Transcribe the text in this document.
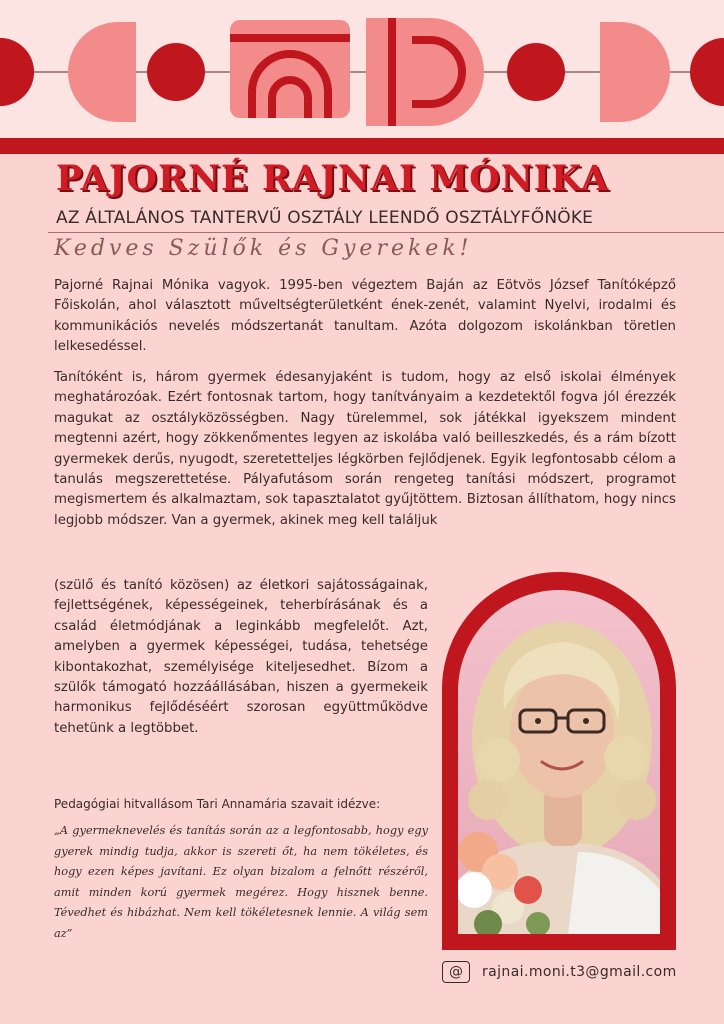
PAJORNÉ RAJNAI MÓNIKA
AZ ÁLTALÁNOS TANTERVŰ OSZTÁLY LEENDŐ OSZTÁLYFŐNÖKE
Kedves Szülők és Gyerekek!
Pajorné Rajnai Mónika vagyok. 1995-ben végeztem Baján az Eötvös József Tanítóképző Főiskolán, ahol választott műveltségterületként ének-zenét, valamint Nyelvi, irodalmi és kommunikációs nevelés módszertanát tanultam. Azóta dolgozom iskolánkban töretlen lelkesedéssel.
Tanítóként is, három gyermek édesanyjaként is tudom, hogy az első iskolai élmények meghatározóak. Ezért fontosnak tartom, hogy tanítványaim a kezdetektől fogva jól érezzék magukat az osztályközösségben. Nagy türelemmel, sok játékkal igyekszem mindent megtenni azért, hogy zökkenőmentes legyen az iskolába való beilleszkedés, és a rám bízott gyermekek derűs, nyugodt, szeretetteljes légkörben fejlődjenek. Egyik legfontosabb célom a tanulás megszerettetése. Pályafutásom során rengeteg tanítási módszert, programot megismertem és alkalmaztam, sok tapasztalatot gyűjtöttem. Biztosan állíthatom, hogy nincs legjobb módszer. Van a gyermek, akinek meg kell találjuk
(szülő és tanító közösen) az életkori sajátosságainak, fejlettségének, képességeinek, teherbírásának és a család életmódjának a leginkább megfelelőt. Azt, amelyben a gyermek képességei, tudása, tehetsége kibontakozhat, személyisége kiteljesedhet. Bízom a szülők támogató hozzáállásában, hiszen a gyermekeik harmonikus fejlődéséért szorosan együttműködve tehetünk a legtöbbet.
Pedagógiai hitvallásom Tari Annamária szavait idézve:
„A gyermeknevelés és tanítás során az a legfontosabb, hogy egy gyerek mindig tudja, akkor is szereti őt, ha nem tökéletes, és hogy ezen képes javítani. Ez olyan bizalom a felnőtt részéről, amit minden korú gyermek megérez. Hogy hisznek benne. Tévedhet és hibázhat. Nem kell tökéletesnek lennie. A világ sem az”
@	rajnai.moni.t3@gmail.com
